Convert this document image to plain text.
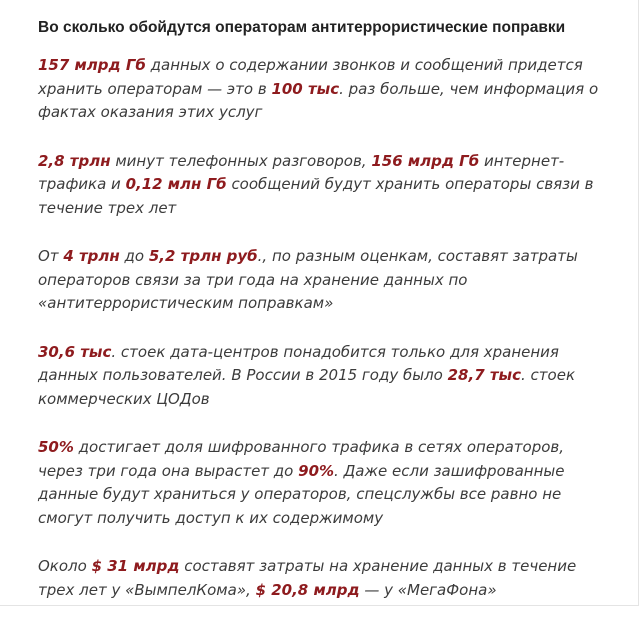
Во сколько обойдутся операторам антитеррористические поправки

157 млрд Гб данных о содержании звонков и сообщений придется хранить операторам — это в 100 тыс. раз больше, чем информация о фактах оказания этих услуг

2,8 трлн минут телефонных разговоров, 156 млрд Гб интернет-трафика и 0,12 млн Гб сообщений будут хранить операторы связи в течение трех лет

От 4 трлн до 5,2 трлн руб., по разным оценкам, составят затраты операторов связи за три года на хранение данных по «антитеррористическим поправкам»

30,6 тыс. стоек дата-центров понадобится только для хранения данных пользователей. В России в 2015 году было 28,7 тыс. стоек коммерческих ЦОДов

50% достигает доля шифрованного трафика в сетях операторов, через три года она вырастет до 90%. Даже если зашифрованные данные будут храниться у операторов, спецслужбы все равно не смогут получить доступ к их содержимому

Около $ 31 млрд составят затраты на хранение данных в течение трех лет у «ВымпелКома», $ 20,8 млрд — у «МегаФона»
